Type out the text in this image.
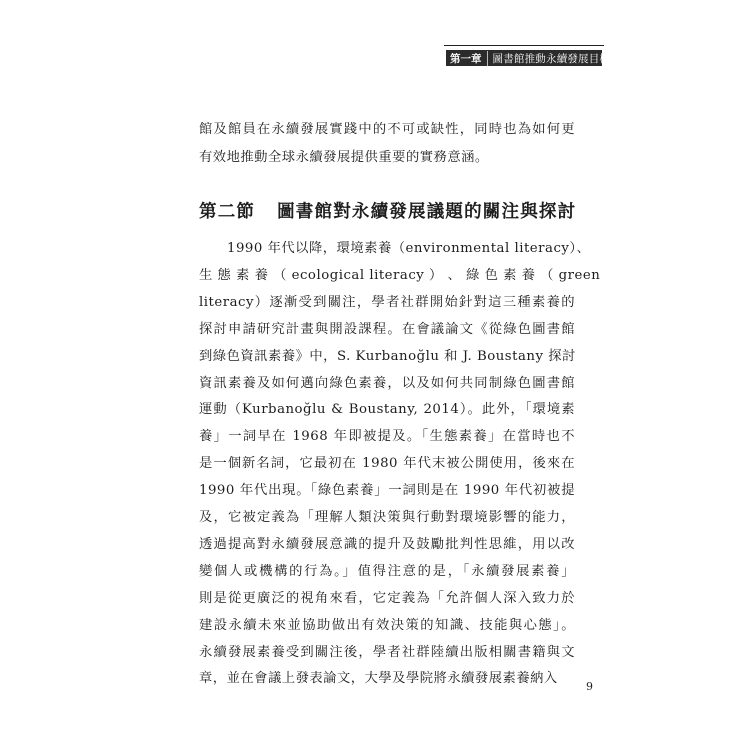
第一章	圖書館推動永續發展目標
館及館員在永續發展實踐中的不可或缺性，同時也為如何更
有效地推動全球永續發展提供重要的實務意涵。
第二節 圖書館對永續發展議題的關注與探討
1990 年代以降，環境素養（environmental literacy）、
生 態 素 養 （ ecological literacy ） 、 綠 色 素 養 （ green
literacy）逐漸受到關注，學者社群開始針對這三種素養的
探討申請研究計畫與開設課程。在會議論文《從綠色圖書館
到綠色資訊素養》中，S. Kurbanoğlu 和 J. Boustany 探討
資訊素養及如何邁向綠色素養，以及如何共同制綠色圖書館
運動（Kurbanoğlu & Boustany, 2014）。此外，「環境素
養」一詞早在 1968 年即被提及。「生態素養」在當時也不
是一個新名詞，它最初在 1980 年代末被公開使用，後來在
1990 年代出現。「綠色素養」一詞則是在 1990 年代初被提
及，它被定義為「理解人類決策與行動對環境影響的能力，
透過提高對永續發展意識的提升及鼓勵批判性思維，用以改
變個人或機構的行為。」值得注意的是，「永續發展素養」
則是從更廣泛的視角來看，它定義為「允許個人深入致力於
建設永續未來並協助做出有效決策的知識、技能與心態」。
永續發展素養受到關注後，學者社群陸續出版相關書籍與文
章，並在會議上發表論文，大學及學院將永續發展素養納入
9
